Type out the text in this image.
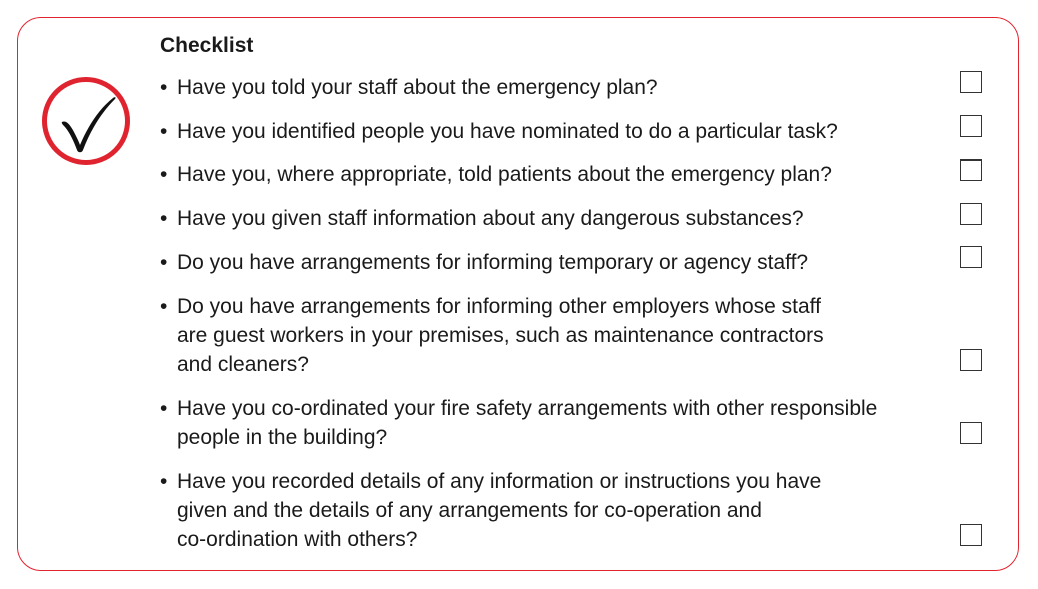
Checklist
• Have you told your staff about the emergency plan?
• Have you identified people you have nominated to do a particular task?
• Have you, where appropriate, told patients about the emergency plan?
• Have you given staff information about any dangerous substances?
• Do you have arrangements for informing temporary or agency staff?
• Do you have arrangements for informing other employers whose staff
are guest workers in your premises, such as maintenance contractors
and cleaners?
• Have you co-ordinated your fire safety arrangements with other responsible
people in the building?
• Have you recorded details of any information or instructions you have
given and the details of any arrangements for co-operation and
co-ordination with others?
